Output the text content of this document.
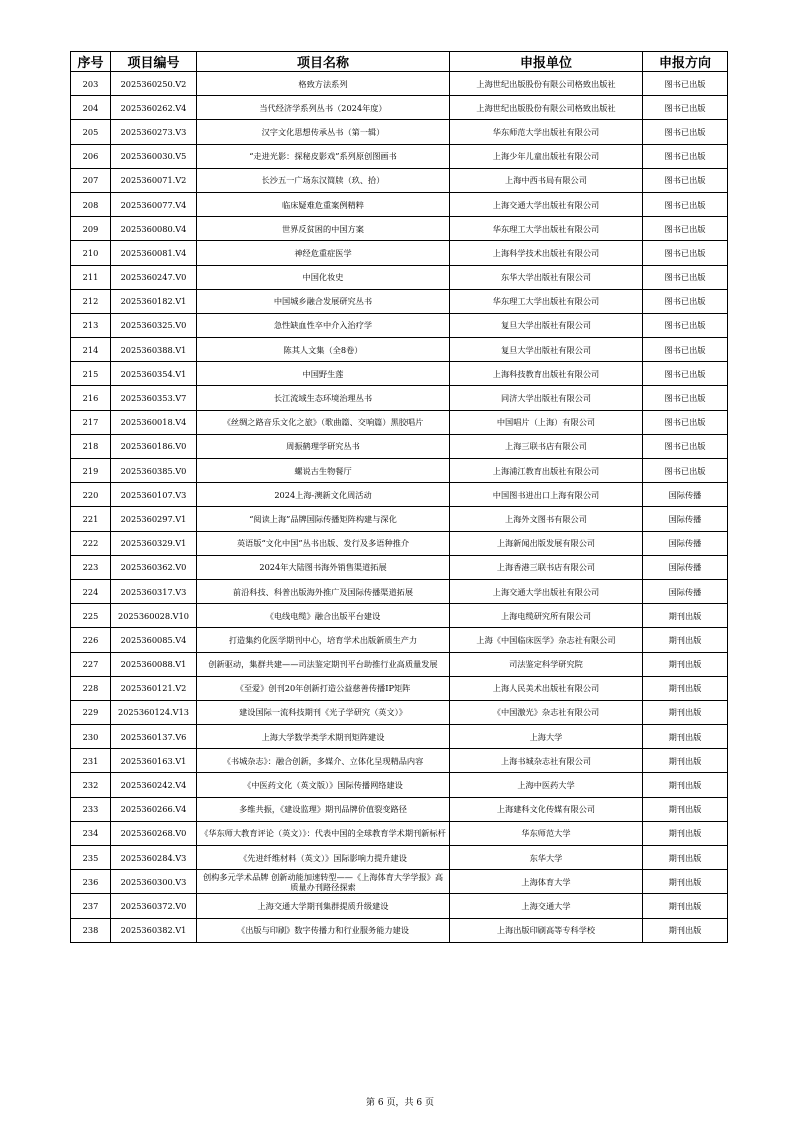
序号	项目编号	项目名称	申报单位	申报方向
203	2025360250.V2	格致方法系列	上海世纪出版股份有限公司格致出版社	图书已出版
204	2025360262.V4	当代经济学系列丛书（2024年度）	上海世纪出版股份有限公司格致出版社	图书已出版
205	2025360273.V3	汉字文化思想传承丛书（第一辑）	华东师范大学出版社有限公司	图书已出版
206	2025360030.V5	“走进光影：探秘皮影戏”系列原创图画书	上海少年儿童出版社有限公司	图书已出版
207	2025360071.V2	长沙五一广场东汉简牍（玖、拾）	上海中西书局有限公司	图书已出版
208	2025360077.V4	临床疑难危重案例精粹	上海交通大学出版社有限公司	图书已出版
209	2025360080.V4	世界反贫困的中国方案	华东理工大学出版社有限公司	图书已出版
210	2025360081.V4	神经危重症医学	上海科学技术出版社有限公司	图书已出版
211	2025360247.V0	中国化妆史	东华大学出版社有限公司	图书已出版
212	2025360182.V1	中国城乡融合发展研究丛书	华东理工大学出版社有限公司	图书已出版
213	2025360325.V0	急性缺血性卒中介入治疗学	复旦大学出版社有限公司	图书已出版
214	2025360388.V1	陈其人文集（全8卷）	复旦大学出版社有限公司	图书已出版
215	2025360354.V1	中国野生莲	上海科技教育出版社有限公司	图书已出版
216	2025360353.V7	长江流域生态环境治理丛书	同济大学出版社有限公司	图书已出版
217	2025360018.V4	《丝绸之路音乐文化之旅》（歌曲篇、交响篇）黑胶唱片	中国唱片（上海）有限公司	图书已出版
218	2025360186.V0	周振鹤理学研究丛书	上海三联书店有限公司	图书已出版
219	2025360385.V0	螺说古生物餐厅	上海浦江教育出版社有限公司	图书已出版
220	2025360107.V3	2024上海-澳新文化周活动	中国图书进出口上海有限公司	国际传播
221	2025360297.V1	“阅读上海”品牌国际传播矩阵构建与深化	上海外文图书有限公司	国际传播
222	2025360329.V1	英语版“文化中国”丛书出版、发行及多语种推介	上海新闻出版发展有限公司	国际传播
223	2025360362.V0	2024年大陆图书海外销售渠道拓展	上海香港三联书店有限公司	国际传播
224	2025360317.V3	前沿科技、科普出版海外推广及国际传播渠道拓展	上海交通大学出版社有限公司	国际传播
225	2025360028.V10	《电线电缆》融合出版平台建设	上海电缆研究所有限公司	期刊出版
226	2025360085.V4	打造集约化医学期刊中心，培育学术出版新质生产力	上海《中国临床医学》杂志社有限公司	期刊出版
227	2025360088.V1	创新驱动，集群共建——司法鉴定期刊平台助推行业高质量发展	司法鉴定科学研究院	期刊出版
228	2025360121.V2	《至爱》创刊20年创新打造公益慈善传播IP矩阵	上海人民美术出版社有限公司	期刊出版
229	2025360124.V13	建设国际一流科技期刊《光子学研究（英文）》	《中国激光》杂志社有限公司	期刊出版
230	2025360137.V6	上海大学数学类学术期刊矩阵建设	上海大学	期刊出版
231	2025360163.V1	《书城杂志》：融合创新，多媒介、立体化呈现精品内容	上海书城杂志社有限公司	期刊出版
232	2025360242.V4	《中医药文化（英文版）》国际传播网络建设	上海中医药大学	期刊出版
233	2025360266.V4	多维共振，《建设监理》期刊品牌价值裂变路径	上海建科文化传媒有限公司	期刊出版
234	2025360268.V0	《华东师大教育评论（英文）》：代表中国的全球教育学术期刊新标杆	华东师范大学	期刊出版
235	2025360284.V3	《先进纤维材料（英文）》国际影响力提升建设	东华大学	期刊出版
236	2025360300.V3	创构多元学术品牌 创新动能加速转型——《上海体育大学学报》高质量办刊路径探索	上海体育大学	期刊出版
237	2025360372.V0	上海交通大学期刊集群提质升级建设	上海交通大学	期刊出版
238	2025360382.V1	《出版与印刷》数字传播力和行业服务能力建设	上海出版印刷高等专科学校	期刊出版
第 6 页，共 6 页
